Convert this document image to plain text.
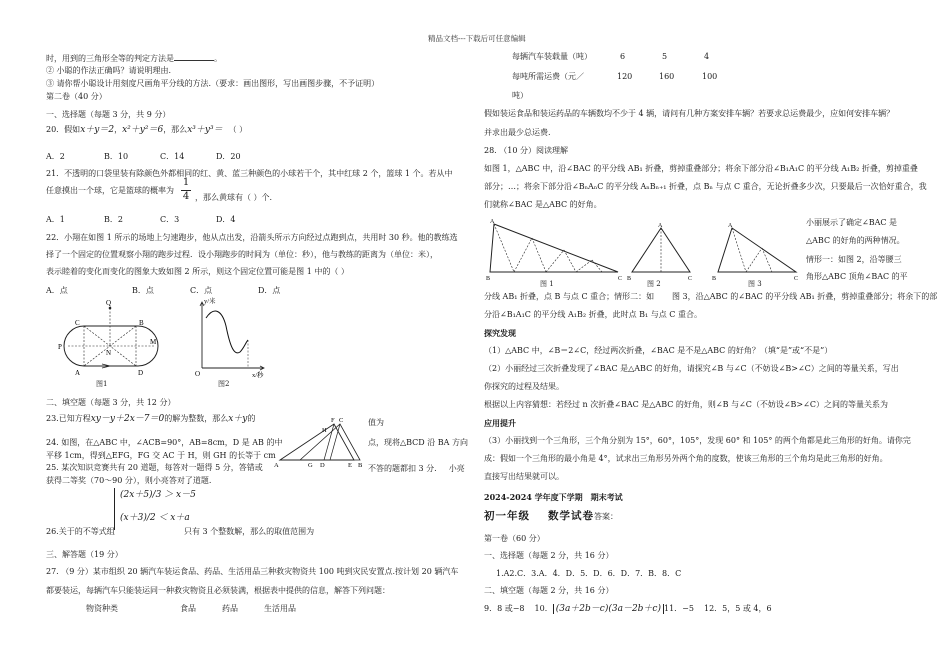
精品文档---下载后可任意编辑
时，用到的三角形全等的判定方法是	。
② 小聪的作法正确吗？请说明理由.
③ 请你帮小聪设计用刻度尺画角平分线的方法.（要求：画出图形，写出画图步骤，不予证明）
第二卷（40 分）
一、选择题（每题 3 分，共 9 分）
20．假如x＋y＝2，x²＋y²＝6，那么x³＋y³＝ （ ）
A．2	B．10	C．14	D．20
21．不透明的口袋里装有除颜色外都相同的红、黄、蓝三种颜色的小球若干个，其中红球 2 个，篮球 1 个。若从中
任意摸出一个球，它是篮球的概率为 $\frac{1}{4}$ ，那么黄球有（ ）个.
A．1	B．2	C．3	D．4
22．小翔在如图 1 所示的场地上匀速跑步，他从点出发，沿箭头所示方向经过点跑到点，共用时 30 秒。他的教练选
择了一个固定的位置观察小翔的跑步过程．设小翔跑步的时间为（单位：秒），他与教练的距离为（单位：米），
表示睦着的变化而变化的图象大致如图 2 所示，则这个固定位置可能是图 1 中的（ ）
A．点	B．点	C．点	D．点
Q
C	B
P
N
M
A	D
图1
y/米
O	x/秒
图2
二、填空题（每题 3 分，共 12 分）
23.已知方程xy－y＋2x－7＝0的解为整数，那么x＋y的	值为
24. 如图，在△ABC 中，∠ACB=90°，AB=8cm，D 是 AB 的中	点，现将△BCD 沿 BA 方向
平移 1cm，得到△EFG，FG 交 AC 于 H，则 GH 的长等于 cm
25. 某次知识竞赛共有 20 道题，每答对一题得 5 分，答错或	不答的题都扣 3 分. 小亮
获得二等奖（70～90 分），则小亮答对了道题.
F C
H
A	G D	E B
(2x＋5)/3 ＞ x－5
(x＋3)/2 ＜ x＋a
26.关于的不等式组	只有 3 个整数解，那么的取值范围为
三、解答题（19 分）
27. （9 分）某市组织 20 辆汽车装运食品、药品、生活用品三种救灾物资共 100 吨到灾民安置点.按计划 20 辆汽车
都要装运，每辆汽车只能装运同一种救灾物资且必须装满，根据表中提供的信息，解答下列问题：
物资种类	食品	药品	生活用品
每辆汽车装载量（吨）	6	5	4
每吨所需运费（元／	120	160	100
吨）
假如装运食品和装运药品的车辆数均不少于 4 辆，请问有几种方案安排车辆？若要求总运费最少，应如何安排车辆？
并求出最少总运费.
28. （10 分）阅读理解
如图 1，△ABC 中，沿∠BAC 的平分线 AB₁ 折叠，剪掉重叠部分；将余下部分沿∠B₁A₁C 的平分线 A₁B₂ 折叠，剪掉重叠
部分；…；将余下部分沿∠BₙAₙC 的平分线 AₙBₙ₊₁ 折叠，点 Bₙ 与点 C 重合，无论折叠多少次，只要最后一次恰好重合，我
们就称∠BAC 是△ABC 的好角。
小丽展示了确定∠BAC 是
△ABC 的好角的两种情况。
情形一：如图 2，沿等腰三
角形△ABC 顶角∠BAC 的平
A
B	C
图 1
A
B	C
图 2
A
B	C
图 3
分线 AB₁ 折叠，点 B 与点 C 重合；情形二：如 图 3，沿△ABC 的∠BAC 的平分线 AB₁ 折叠，剪掉重叠部分；将余下的部
分沿∠B₁A₁C 的平分线 A₁B₂ 折叠，此时点 B₁ 与点 C 重合。
探究发现
（1）△ABC 中，∠B＝2∠C，经过两次折叠，∠BAC 是不是△ABC 的好角？（填“是”或“不是”）
（2）小丽经过三次折叠发现了∠BAC 是△ABC 的好角，请探究∠B 与∠C（不妨设∠B>∠C）之间的等量关系，写出
你探究的过程及结果。
根据以上内容猜想：若经过 n 次折叠∠BAC 是△ABC 的好角，则∠B 与∠C（不妨设∠B>∠C）之间的等量关系为
应用提升
（3）小丽找到一个三角形，三个角分别为 15°，60°，105°，发现 60° 和 105° 的两个角都是此三角形的好角。请你完
成：假如一个三角形的最小角是 4°，试求出三角形另外两个角的度数，使该三角形的三个角均是此三角形的好角。
直接写出结果就可以。
2024-2024 学年度下学期　期末考试
初一年级 数学试卷答案：
第一卷（60 分）
一、选择题（每题 2 分，共 16 分）
1.A2.C．3.A．4．D．5．D．6．D．7．B．8．C
二、填空题（每题 2 分，共 16 分）
9．8 或−8 10． (3a＋2b－c)(3a－2b＋c) 11．−5 12．5，5 或 4，6
